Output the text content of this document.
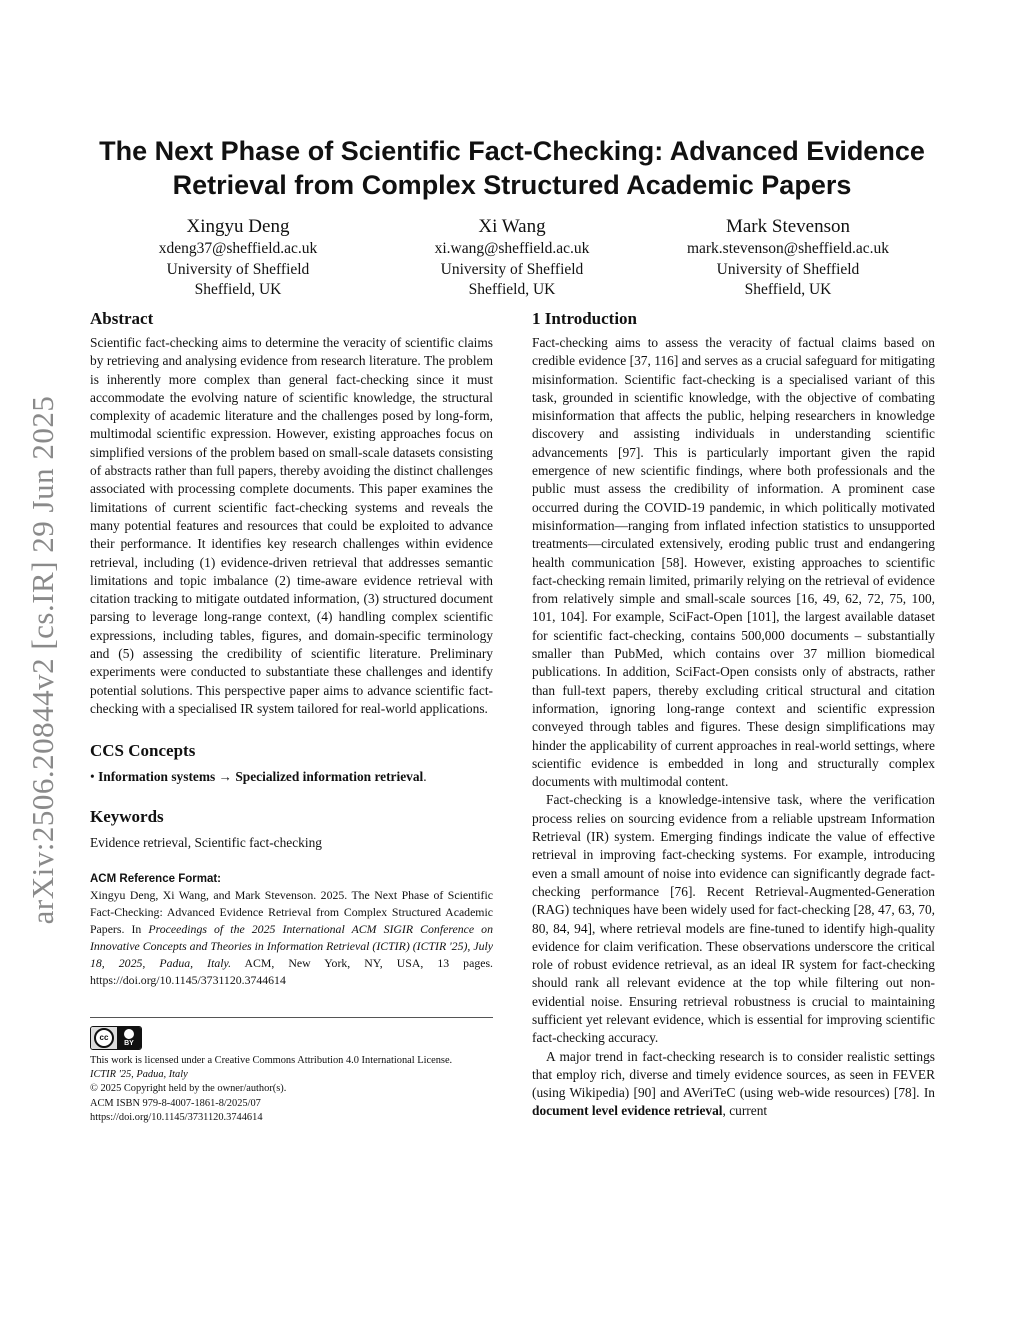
arXiv:2506.20844v2 [cs.IR] 29 Jun 2025
The Next Phase of Scientific Fact-Checking: Advanced Evidence Retrieval from Complex Structured Academic Papers
Xingyu Deng
xdeng37@sheffield.ac.uk
University of Sheffield
Sheffield, UK
Xi Wang
xi.wang@sheffield.ac.uk
University of Sheffield
Sheffield, UK
Mark Stevenson
mark.stevenson@sheffield.ac.uk
University of Sheffield
Sheffield, UK
Abstract

Scientific fact-checking aims to determine the veracity of scientific claims by retrieving and analysing evidence from research literature. The problem is inherently more complex than general fact-checking since it must accommodate the evolving nature of scientific knowledge, the structural complexity of academic literature and the challenges posed by long-form, multimodal scientific expression. However, existing approaches focus on simplified versions of the problem based on small-scale datasets consisting of abstracts rather than full papers, thereby avoiding the distinct challenges associated with processing complete documents. This paper examines the limitations of current scientific fact-checking systems and reveals the many potential features and resources that could be exploited to advance their performance. It identifies key research challenges within evidence retrieval, including (1) evidence-driven retrieval that addresses semantic limitations and topic imbalance (2) time-aware evidence retrieval with citation tracking to mitigate outdated information, (3) structured document parsing to leverage long-range context, (4) handling complex scientific expressions, including tables, figures, and domain-specific terminology and (5) assessing the credibility of scientific literature. Preliminary experiments were conducted to substantiate these challenges and identify potential solutions. This perspective paper aims to advance scientific fact-checking with a specialised IR system tailored for real-world applications.

CCS Concepts

• Information systems → Specialized information retrieval.

Keywords

Evidence retrieval, Scientific fact-checking

ACM Reference Format:

Xingyu Deng, Xi Wang, and Mark Stevenson. 2025. The Next Phase of Scientific Fact-Checking: Advanced Evidence Retrieval from Complex Structured Academic Papers. In Proceedings of the 2025 International ACM SIGIR Conference on Innovative Concepts and Theories in Information Retrieval (ICTIR) (ICTIR '25), July 18, 2025, Padua, Italy. ACM, New York, NY, USA, 13 pages. https://doi.org/10.1145/3731120.3744614

cc
BY

This work is licensed under a Creative Commons Attribution 4.0 International License.

ICTIR '25, Padua, Italy

© 2025 Copyright held by the owner/author(s).

ACM ISBN 979-8-4007-1861-8/2025/07

https://doi.org/10.1145/3731120.3744614

1 Introduction

Fact-checking aims to assess the veracity of factual claims based on credible evidence [37, 116] and serves as a crucial safeguard for mitigating misinformation. Scientific fact-checking is a specialised variant of this task, grounded in scientific knowledge, with the objective of combating misinformation that affects the public, helping researchers in knowledge discovery and assisting individuals in understanding scientific advancements [97]. This is particularly important given the rapid emergence of new scientific findings, where both professionals and the public must assess the credibility of information. A prominent case occurred during the COVID-19 pandemic, in which politically motivated misinformation—ranging from inflated infection statistics to unsupported treatments—circulated extensively, eroding public trust and endangering health communication [58]. However, existing approaches to scientific fact-checking remain limited, primarily relying on the retrieval of evidence from relatively simple and small-scale sources [16, 49, 62, 72, 75, 100, 101, 104]. For example, SciFact-Open [101], the largest available dataset for scientific fact-checking, contains 500,000 documents – substantially smaller than PubMed, which contains over 37 million biomedical publications. In addition, SciFact-Open consists only of abstracts, rather than full-text papers, thereby excluding critical structural and citation information, ignoring long-range context and scientific expression conveyed through tables and figures. These design simplifications may hinder the applicability of current approaches in real-world settings, where scientific evidence is embedded in long and structurally complex documents with multimodal content.

Fact-checking is a knowledge-intensive task, where the verification process relies on sourcing evidence from a reliable upstream Information Retrieval (IR) system. Emerging findings indicate the value of effective retrieval in improving fact-checking systems. For example, introducing even a small amount of noise into evidence can significantly degrade fact-checking performance [76]. Recent Retrieval-Augmented-Generation (RAG) techniques have been widely used for fact-checking [28, 47, 63, 70, 80, 84, 94], where retrieval models are fine-tuned to identify high-quality evidence for claim verification. These observations underscore the critical role of robust evidence retrieval, as an ideal IR system for fact-checking should rank all relevant evidence at the top while filtering out non-evidential noise. Ensuring retrieval robustness is crucial to maintaining sufficient yet relevant evidence, which is essential for improving scientific fact-checking accuracy.

A major trend in fact-checking research is to consider realistic settings that employ rich, diverse and timely evidence sources, as seen in FEVER (using Wikipedia) [90] and AVeriTeC (using web-wide resources) [78]. In document level evidence retrieval, current
